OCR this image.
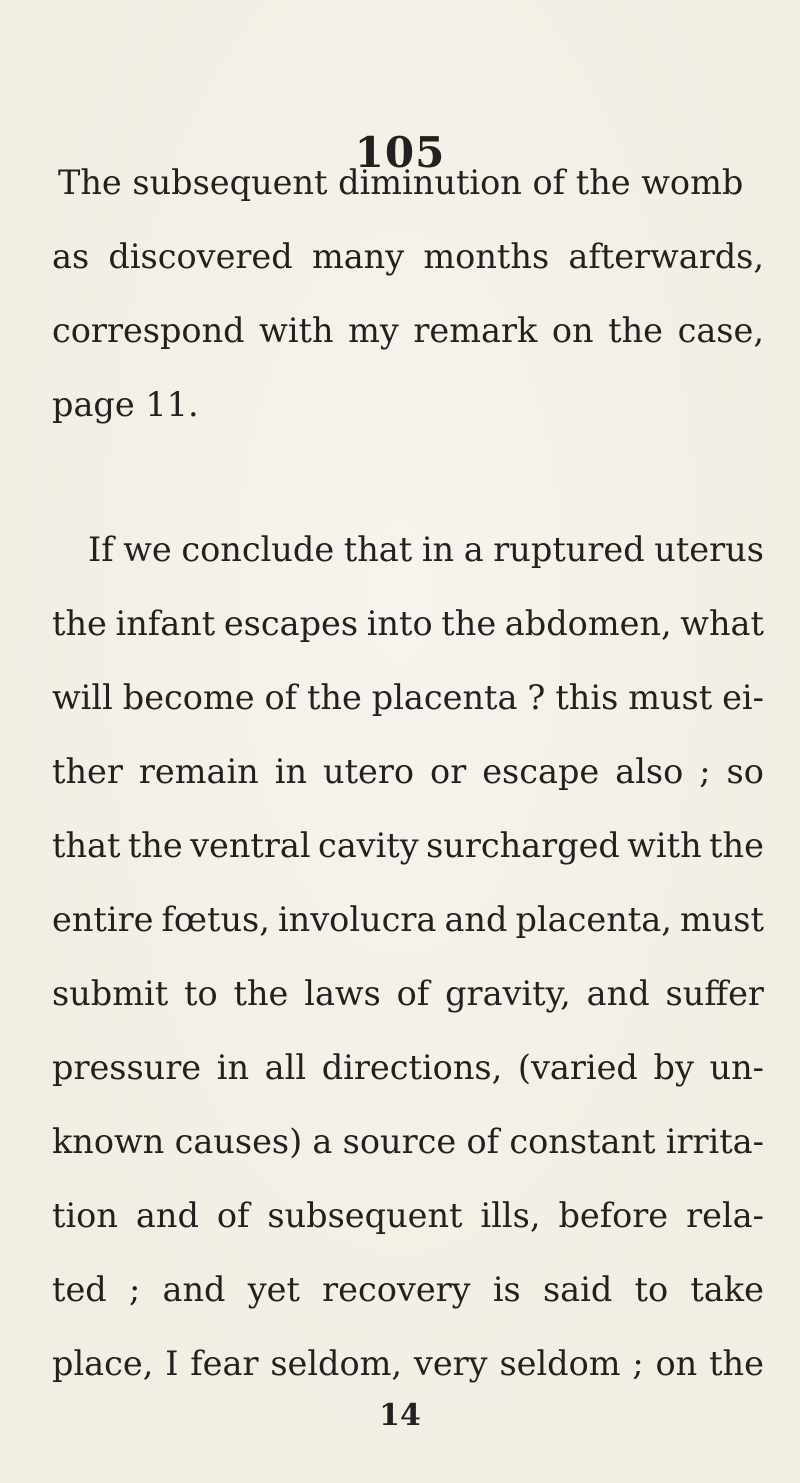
105
The subsequent diminution of the womb
as discovered many months afterwards,
correspond with my remark on the case,
page 11.
If we conclude that in a ruptured uterus
the infant escapes into the abdomen, what
will become of the placenta ? this must ei-
ther remain in utero or escape also ; so
that the ventral cavity surcharged with the
entire fœtus, involucra and placenta, must
submit to the laws of gravity, and suffer
pressure in all directions, (varied by un-
known causes) a source of constant irrita-
tion and of subsequent ills, before rela-
ted ; and yet recovery is said to take
place, I fear seldom, very seldom ; on the
14
